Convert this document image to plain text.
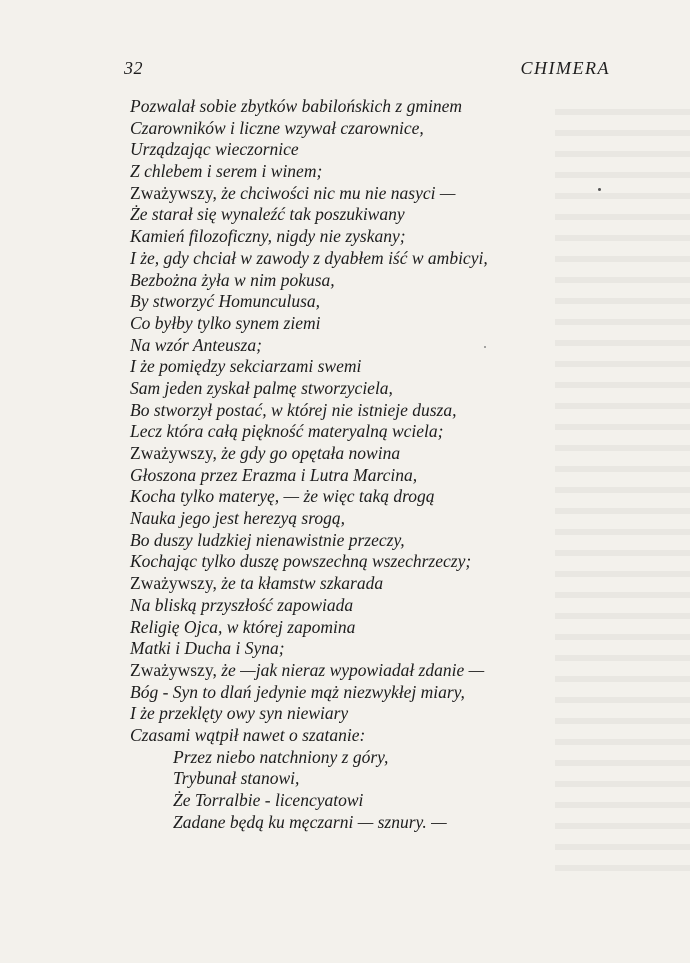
32	CHIMERA
Pozwalał sobie zbytków babilońskich z gminem
Czarowników i liczne wzywał czarownice,
Urządzając wieczornice
Z chlebem i serem i winem;
Zważywszy, że chciwości nic mu nie nasyci —
Że starał się wynaleźć tak poszukiwany
Kamień filozoficzny, nigdy nie zyskany;
I że, gdy chciał w zawody z dyabłem iść w ambicyi,
Bezbożna żyła w nim pokusa,
By stworzyć Homunculusa,
Co byłby tylko synem ziemi
Na wzór Anteusza;
I że pomiędzy sekciarzami swemi
Sam jeden zyskał palmę stworzyciela,
Bo stworzył postać, w której nie istnieje dusza,
Lecz która całą piękność materyalną wciela;
Zważywszy, że gdy go opętała nowina
Głoszona przez Erazma i Lutra Marcina,
Kocha tylko materyę, — że więc taką drogą
Nauka jego jest herezyą srogą,
Bo duszy ludzkiej nienawistnie przeczy,
Kochając tylko duszę powszechną wszechrzeczy;
Zważywszy, że ta kłamstw szkarada
Na bliską przyszłość zapowiada
Religię Ojca, w której zapomina
Matki i Ducha i Syna;
Zważywszy, że —jak nieraz wypowiadał zdanie —
Bóg - Syn to dlań jedynie mąż niezwykłej miary,
I że przeklęty owy syn niewiary
Czasami wątpił nawet o szatanie:
Przez niebo natchniony z góry,
Trybunał stanowi,
Że Torralbie - licencyatowi
Zadane będą ku męczarni — sznury. —
